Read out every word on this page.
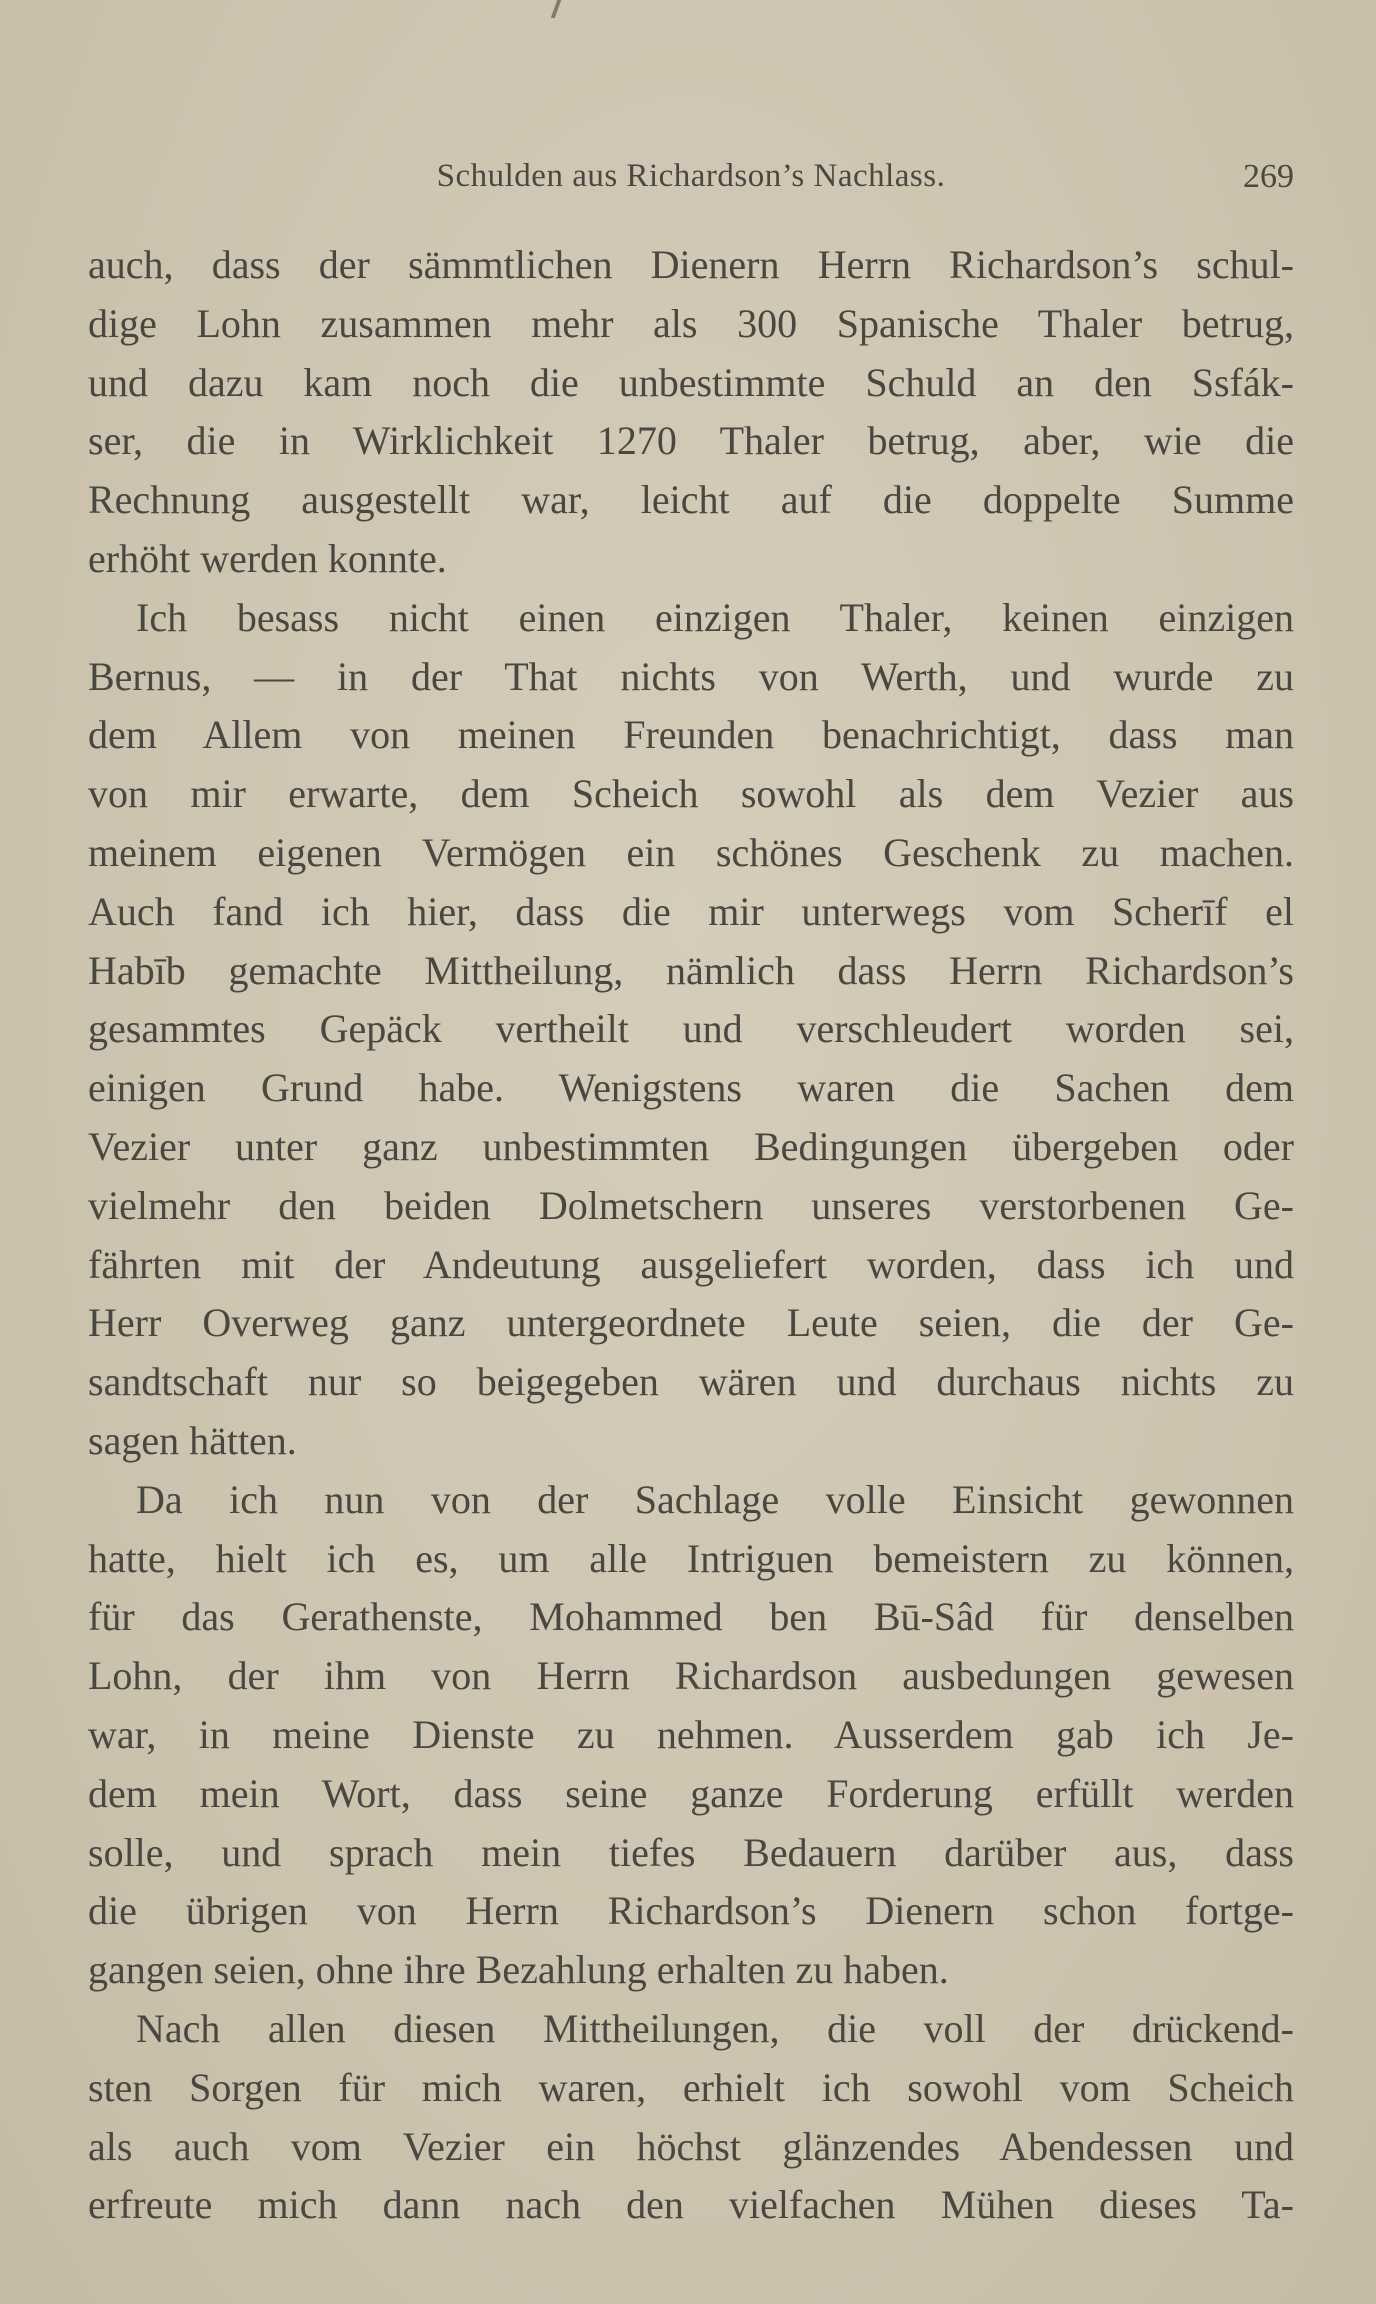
Schulden aus Richardson’s Nachlass.	269
auch, dass der sämmtlichen Dienern Herrn Richardson’s schul-
dige Lohn zusammen mehr als 300 Spanische Thaler betrug,
und dazu kam noch die unbestimmte Schuld an den Ssfák-
ser, die in Wirklichkeit 1270 Thaler betrug, aber, wie die
Rechnung ausgestellt war, leicht auf die doppelte Summe
erhöht werden konnte.
Ich besass nicht einen einzigen Thaler, keinen einzigen
Bernus, — in der That nichts von Werth, und wurde zu
dem Allem von meinen Freunden benachrichtigt, dass man
von mir erwarte, dem Scheich sowohl als dem Vezier aus
meinem eigenen Vermögen ein schönes Geschenk zu machen.
Auch fand ich hier, dass die mir unterwegs vom Scherīf el
Habīb gemachte Mittheilung, nämlich dass Herrn Richardson’s
gesammtes Gepäck vertheilt und verschleudert worden sei,
einigen Grund habe. Wenigstens waren die Sachen dem
Vezier unter ganz unbestimmten Bedingungen übergeben oder
vielmehr den beiden Dolmetschern unseres verstorbenen Ge-
fährten mit der Andeutung ausgeliefert worden, dass ich und
Herr Overweg ganz untergeordnete Leute seien, die der Ge-
sandtschaft nur so beigegeben wären und durchaus nichts zu
sagen hätten.
Da ich nun von der Sachlage volle Einsicht gewonnen
hatte, hielt ich es, um alle Intriguen bemeistern zu können,
für das Gerathenste, Mohammed ben Bū-Sâd für denselben
Lohn, der ihm von Herrn Richardson ausbedungen gewesen
war, in meine Dienste zu nehmen. Ausserdem gab ich Je-
dem mein Wort, dass seine ganze Forderung erfüllt werden
solle, und sprach mein tiefes Bedauern darüber aus, dass
die übrigen von Herrn Richardson’s Dienern schon fortge-
gangen seien, ohne ihre Bezahlung erhalten zu haben.
Nach allen diesen Mittheilungen, die voll der drückend-
sten Sorgen für mich waren, erhielt ich sowohl vom Scheich
als auch vom Vezier ein höchst glänzendes Abendessen und
erfreute mich dann nach den vielfachen Mühen dieses Ta-
